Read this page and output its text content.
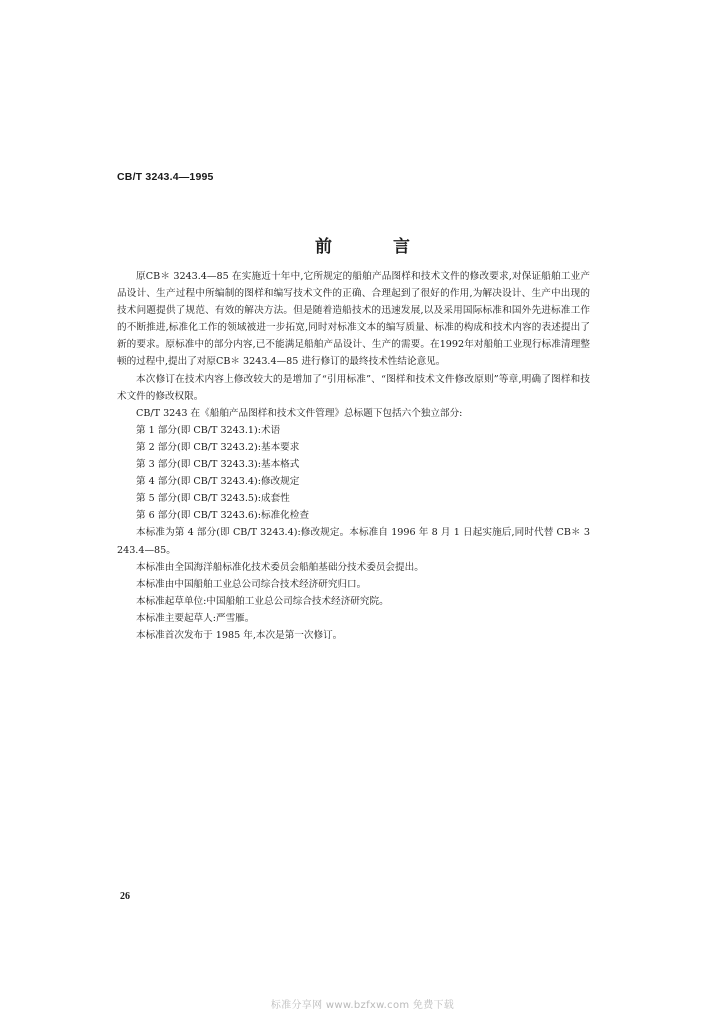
CB/T 3243.4—1995
前　言

原CB＊ 3243.4—85 在实施近十年中,它所规定的船舶产品图样和技术文件的修改要求,对保证船舶工业产品设计、生产过程中所编制的图样和编写技术文件的正确、合理起到了很好的作用,为解决设计、生产中出现的技术问题提供了规范、有效的解决方法。但是随着造船技术的迅速发展,以及采用国际标准和国外先进标准工作的不断推进,标准化工作的领域被进一步拓宽,同时对标准文本的编写质量、标准的构成和技术内容的表述提出了新的要求。原标准中的部分内容,已不能满足船舶产品设计、生产的需要。在1992年对船舶工业现行标准清理整顿的过程中,提出了对原CB＊ 3243.4—85 进行修订的最终技术性结论意见。

本次修订在技术内容上修改较大的是增加了“引用标准”、“图样和技术文件修改原则”等章,明确了图样和技术文件的修改权限。

CB/T 3243 在《船舶产品图样和技术文件管理》总标题下包括六个独立部分:

第 1 部分(即 CB/T 3243.1):术语

第 2 部分(即 CB/T 3243.2):基本要求

第 3 部分(即 CB/T 3243.3):基本格式

第 4 部分(即 CB/T 3243.4):修改规定

第 5 部分(即 CB/T 3243.5):成套性

第 6 部分(即 CB/T 3243.6):标准化检查

本标准为第 4 部分(即 CB/T 3243.4):修改规定。本标准自 1996 年 8 月 1 日起实施后,同时代替 CB＊ 3243.4—85。

本标准由全国海洋船标准化技术委员会船舶基础分技术委员会提出。

本标准由中国船舶工业总公司综合技术经济研究归口。

本标准起草单位:中国船舶工业总公司综合技术经济研究院。

本标准主要起草人:严雪雁。

本标准首次发布于 1985 年,本次是第一次修订。

26
标准分享网 www.bzfxw.com 免费下载
